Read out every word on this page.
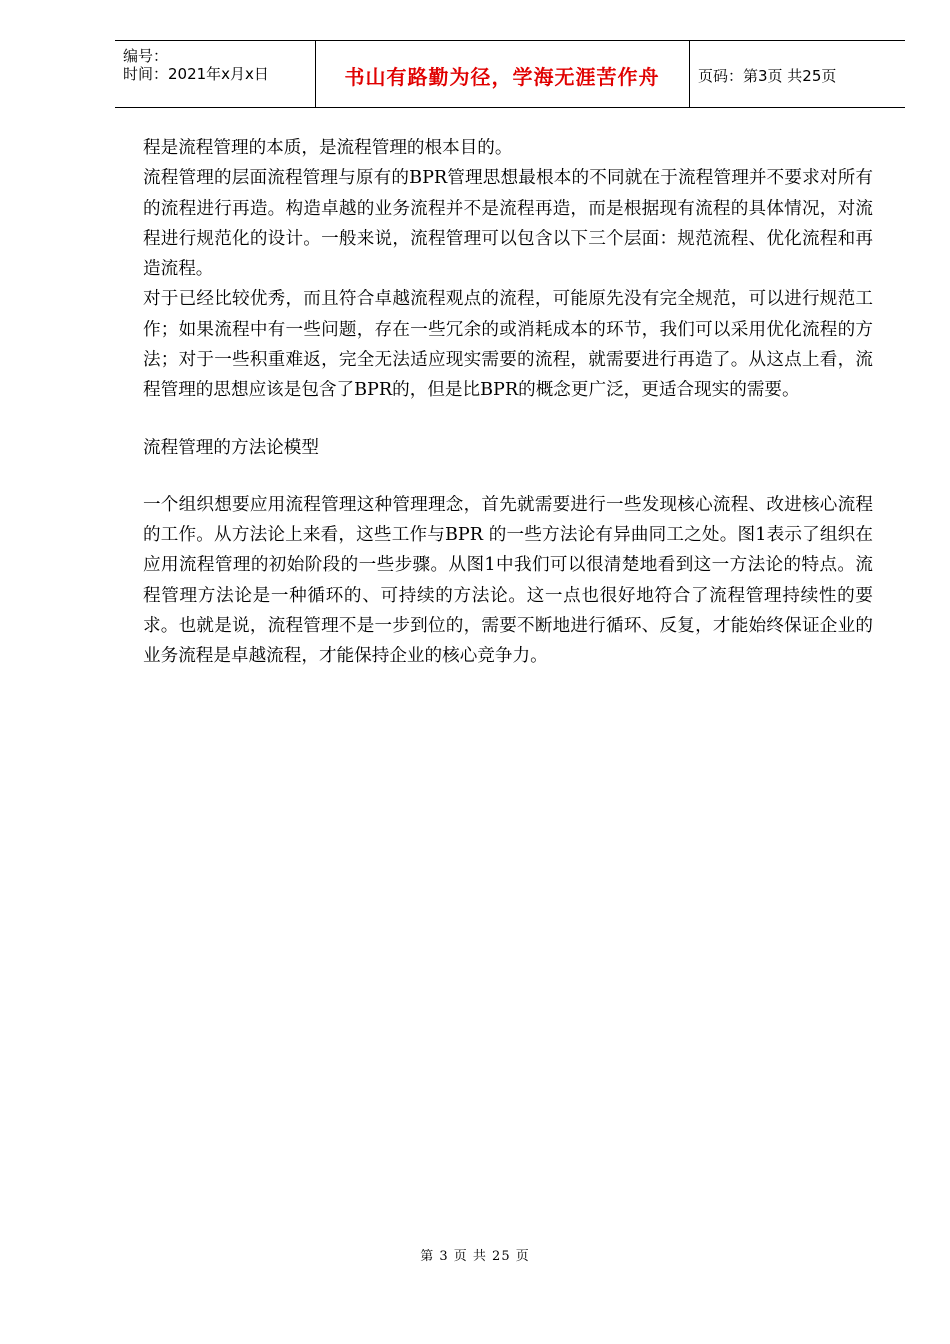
编号：
时间：2021年x月x日	书山有路勤为径，学海无涯苦作舟	页码：第3页 共25页

程是流程管理的本质，是流程管理的根本目的。

流程管理的层面流程管理与原有的BPR管理思想最根本的不同就在于流程管理并不要求对所有的流程进行再造。构造卓越的业务流程并不是流程再造，而是根据现有流程的具体情况，对流程进行规范化的设计。一般来说，流程管理可以包含以下三个层面：规范流程、优化流程和再造流程。

对于已经比较优秀，而且符合卓越流程观点的流程，可能原先没有完全规范，可以进行规范工作；如果流程中有一些问题，存在一些冗余的或消耗成本的环节，我们可以采用优化流程的方法；对于一些积重难返，完全无法适应现实需要的流程，就需要进行再造了。从这点上看，流程管理的思想应该是包含了BPR的，但是比BPR的概念更广泛，更适合现实的需要。

流程管理的方法论模型

一个组织想要应用流程管理这种管理理念，首先就需要进行一些发现核心流程、改进核心流程的工作。从方法论上来看，这些工作与BPR 的一些方法论有异曲同工之处。图1表示了组织在应用流程管理的初始阶段的一些步骤。从图1中我们可以很清楚地看到这一方法论的特点。流程管理方法论是一种循环的、可持续的方法论。这一点也很好地符合了流程管理持续性的要求。也就是说，流程管理不是一步到位的，需要不断地进行循环、反复，才能始终保证企业的业务流程是卓越流程，才能保持企业的核心竞争力。

第 3 页 共 25 页
